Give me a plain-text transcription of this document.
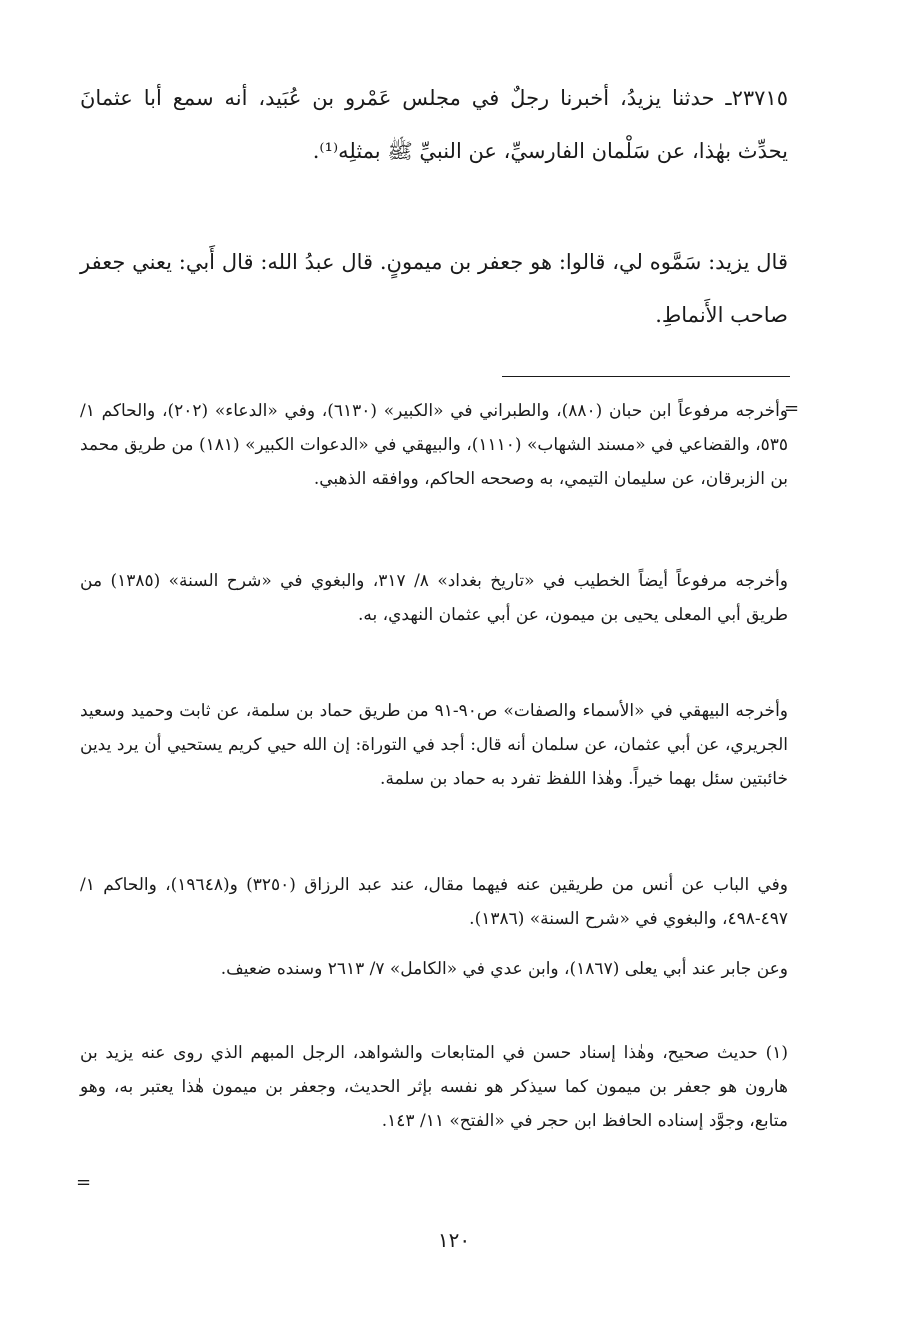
٢٣٧١٥ـ حدثنا يزيدُ، أخبرنا رجلٌ في مجلس عَمْرو بن عُبَيد، أنه سمع أبا عثمانَ يحدِّث بهٰذا، عن سَلْمان الفارسيِّ، عن النبيِّ ﷺ بمثلِه⁽¹⁾.
قال يزيد: سَمَّوه لي، قالوا: هو جعفر بن ميمونٍ. قال عبدُ الله: قال أَبي: يعني جعفر صاحب الأَنماطِ.
=

وأخرجه مرفوعاً ابن حبان (٨٨٠)، والطبراني في «الكبير» (٦١٣٠)، وفي «الدعاء» (٢٠٢)، والحاكم ١/ ٥٣٥، والقضاعي في «مسند الشهاب» (١١١٠)، والبيهقي في «الدعوات الكبير» (١٨١) من طريق محمد بن الزبرقان، عن سليمان التيمي، به وصححه الحاكم، ووافقه الذهبي.

وأخرجه مرفوعاً أيضاً الخطيب في «تاريخ بغداد» ٨/ ٣١٧، والبغوي في «شرح السنة» (١٣٨٥) من طريق أبي المعلى يحيى بن ميمون، عن أبي عثمان النهدي، به.

وأخرجه البيهقي في «الأسماء والصفات» ص٩٠-٩١ من طريق حماد بن سلمة، عن ثابت وحميد وسعيد الجريري، عن أبي عثمان، عن سلمان أنه قال: أجد في التوراة: إن الله حيي كريم يستحيي أن يرد يدين خائبتين سئل بهما خيراً. وهٰذا اللفظ تفرد به حماد بن سلمة.

وفي الباب عن أنس من طريقين عنه فيهما مقال، عند عبد الرزاق (٣٢٥٠) و(١٩٦٤٨)، والحاكم ١/ ٤٩٧-٤٩٨، والبغوي في «شرح السنة» (١٣٨٦).

وعن جابر عند أبي يعلى (١٨٦٧)، وابن عدي في «الكامل» ٧/ ٢٦١٣ وسنده ضعيف.

(١) حديث صحيح، وهٰذا إسناد حسن في المتابعات والشواهد، الرجل المبهم الذي روى عنه يزيد بن هارون هو جعفر بن ميمون كما سيذكر هو نفسه بإثر الحديث، وجعفر بن ميمون هٰذا يعتبر به، وهو متابع، وجوَّد إسناده الحافظ ابن حجر في «الفتح» ١١/ ١٤٣.

=
١٢٠
